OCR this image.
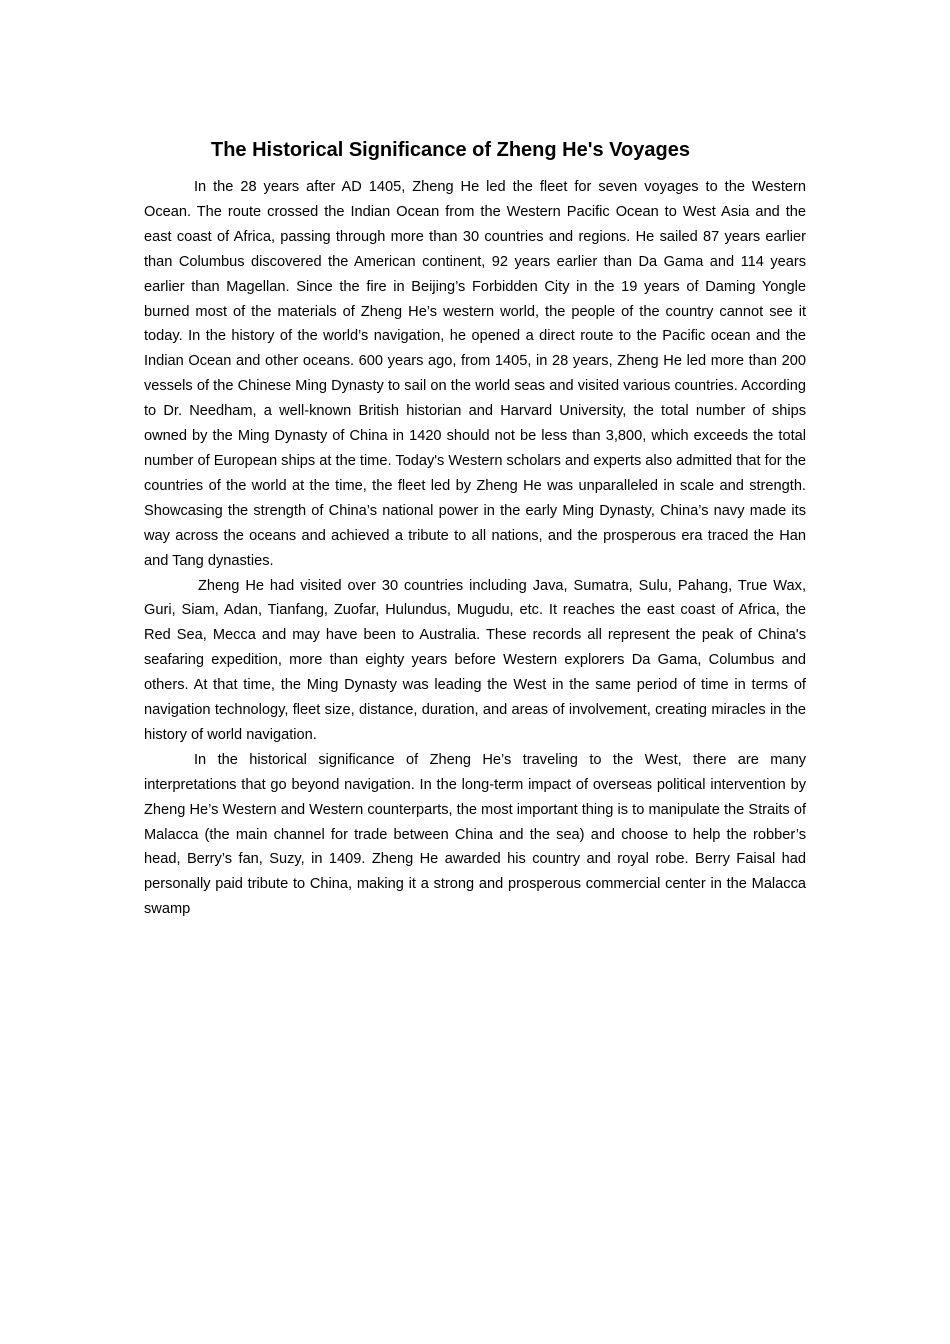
The Historical Significance of Zheng He's Voyages

In the 28 years after AD 1405, Zheng He led the fleet for seven voyages to the Western Ocean. The route crossed the Indian Ocean from the Western Pacific Ocean to West Asia and the east coast of Africa, passing through more than 30 countries and regions. He sailed 87 years earlier than Columbus discovered the American continent, 92 years earlier than Da Gama and 114 years earlier than Magellan. Since the fire in Beijing’s Forbidden City in the 19 years of Daming Yongle burned most of the materials of Zheng He’s western world, the people of the country cannot see it today. In the history of the world’s navigation, he opened a direct route to the Pacific ocean and the Indian Ocean and other oceans. 600 years ago, from 1405, in 28 years, Zheng He led more than 200 vessels of the Chinese Ming Dynasty to sail on the world seas and visited various countries. According to Dr. Needham, a well-known British historian and Harvard University, the total number of ships owned by the Ming Dynasty of China in 1420 should not be less than 3,800, which exceeds the total number of European ships at the time. Today's Western scholars and experts also admitted that for the countries of the world at the time, the fleet led by Zheng He was unparalleled in scale and strength. Showcasing the strength of China’s national power in the early Ming Dynasty, China’s navy made its way across the oceans and achieved a tribute to all nations, and the prosperous era traced the Han and Tang dynasties.

Zheng He had visited over 30 countries including Java, Sumatra, Sulu, Pahang, True Wax, Guri, Siam, Adan, Tianfang, Zuofar, Hulundus, Mugudu, etc. It reaches the east coast of Africa, the Red Sea, Mecca and may have been to Australia. These records all represent the peak of China's seafaring expedition, more than eighty years before Western explorers Da Gama, Columbus and others. At that time, the Ming Dynasty was leading the West in the same period of time in terms of navigation technology, fleet size, distance, duration, and areas of involvement, creating miracles in the history of world navigation.

In the historical significance of Zheng He’s traveling to the West, there are many interpretations that go beyond navigation. In the long-term impact of overseas political intervention by Zheng He’s Western and Western counterparts, the most important thing is to manipulate the Straits of Malacca (the main channel for trade between China and the sea) and choose to help the robber’s head, Berry’s fan, Suzy, in 1409. Zheng He awarded his country and royal robe. Berry Faisal had personally paid tribute to China, making it a strong and prosperous commercial center in the Malacca swamp
